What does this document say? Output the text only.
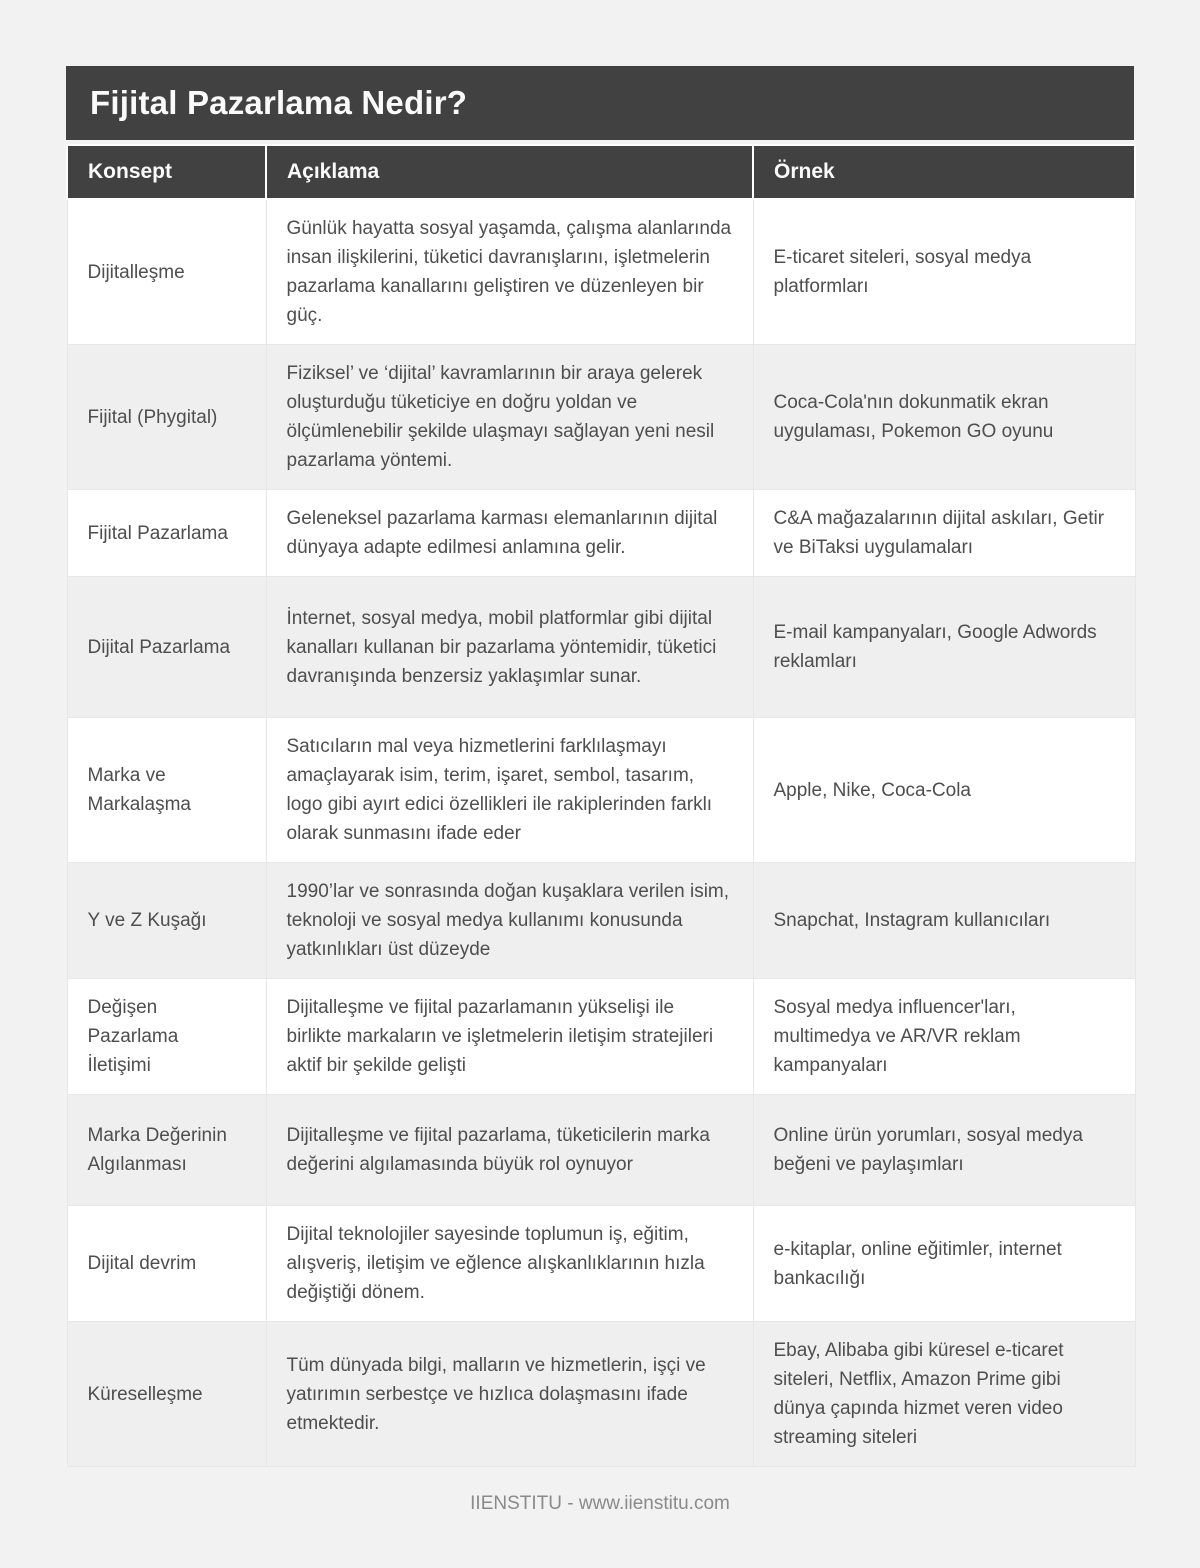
Fijital Pazarlama Nedir?
Konsept	Açıklama	Örnek
Dijitalleşme	Günlük hayatta sosyal yaşamda, çalışma alanlarında insan ilişkilerini, tüketici davranışlarını, işletmelerin pazarlama kanallarını geliştiren ve düzenleyen bir güç.	E-ticaret siteleri, sosyal medya platformları
Fijital (Phygital)	Fiziksel’ ve ‘dijital’ kavramlarının bir araya gelerek oluşturduğu tüketiciye en doğru yoldan ve ölçümlenebilir şekilde ulaşmayı sağlayan yeni nesil pazarlama yöntemi.	Coca-Cola'nın dokunmatik ekran uygulaması, Pokemon GO oyunu
Fijital Pazarlama	Geleneksel pazarlama karması elemanlarının dijital dünyaya adapte edilmesi anlamına gelir.	C&A mağazalarının dijital askıları, Getir ve BiTaksi uygulamaları
Dijital Pazarlama	İnternet, sosyal medya, mobil platformlar gibi dijital kanalları kullanan bir pazarlama yöntemidir, tüketici davranışında benzersiz yaklaşımlar sunar.	E-mail kampanyaları, Google Adwords reklamları
Marka ve Markalaşma	Satıcıların mal veya hizmetlerini farklılaşmayı amaçlayarak isim, terim, işaret, sembol, tasarım, logo gibi ayırt edici özellikleri ile rakiplerinden farklı olarak sunmasını ifade eder	Apple, Nike, Coca-Cola
Y ve Z Kuşağı	1990’lar ve sonrasında doğan kuşaklara verilen isim, teknoloji ve sosyal medya kullanımı konusunda yatkınlıkları üst düzeyde	Snapchat, Instagram kullanıcıları
Değişen Pazarlama İletişimi	Dijitalleşme ve fijital pazarlamanın yükselişi ile birlikte markaların ve işletmelerin iletişim stratejileri aktif bir şekilde gelişti	Sosyal medya influencer'ları, multimedya ve AR/VR reklam kampanyaları
Marka Değerinin Algılanması	Dijitalleşme ve fijital pazarlama, tüketicilerin marka değerini algılamasında büyük rol oynuyor	Online ürün yorumları, sosyal medya beğeni ve paylaşımları
Dijital devrim	Dijital teknolojiler sayesinde toplumun iş, eğitim, alışveriş, iletişim ve eğlence alışkanlıklarının hızla değiştiği dönem.	e-kitaplar, online eğitimler, internet bankacılığı
Küreselleşme	Tüm dünyada bilgi, malların ve hizmetlerin, işçi ve yatırımın serbestçe ve hızlıca dolaşmasını ifade etmektedir.	Ebay, Alibaba gibi küresel e-ticaret siteleri, Netflix, Amazon Prime gibi dünya çapında hizmet veren video streaming siteleri
IIENSTITU - www.iienstitu.com
